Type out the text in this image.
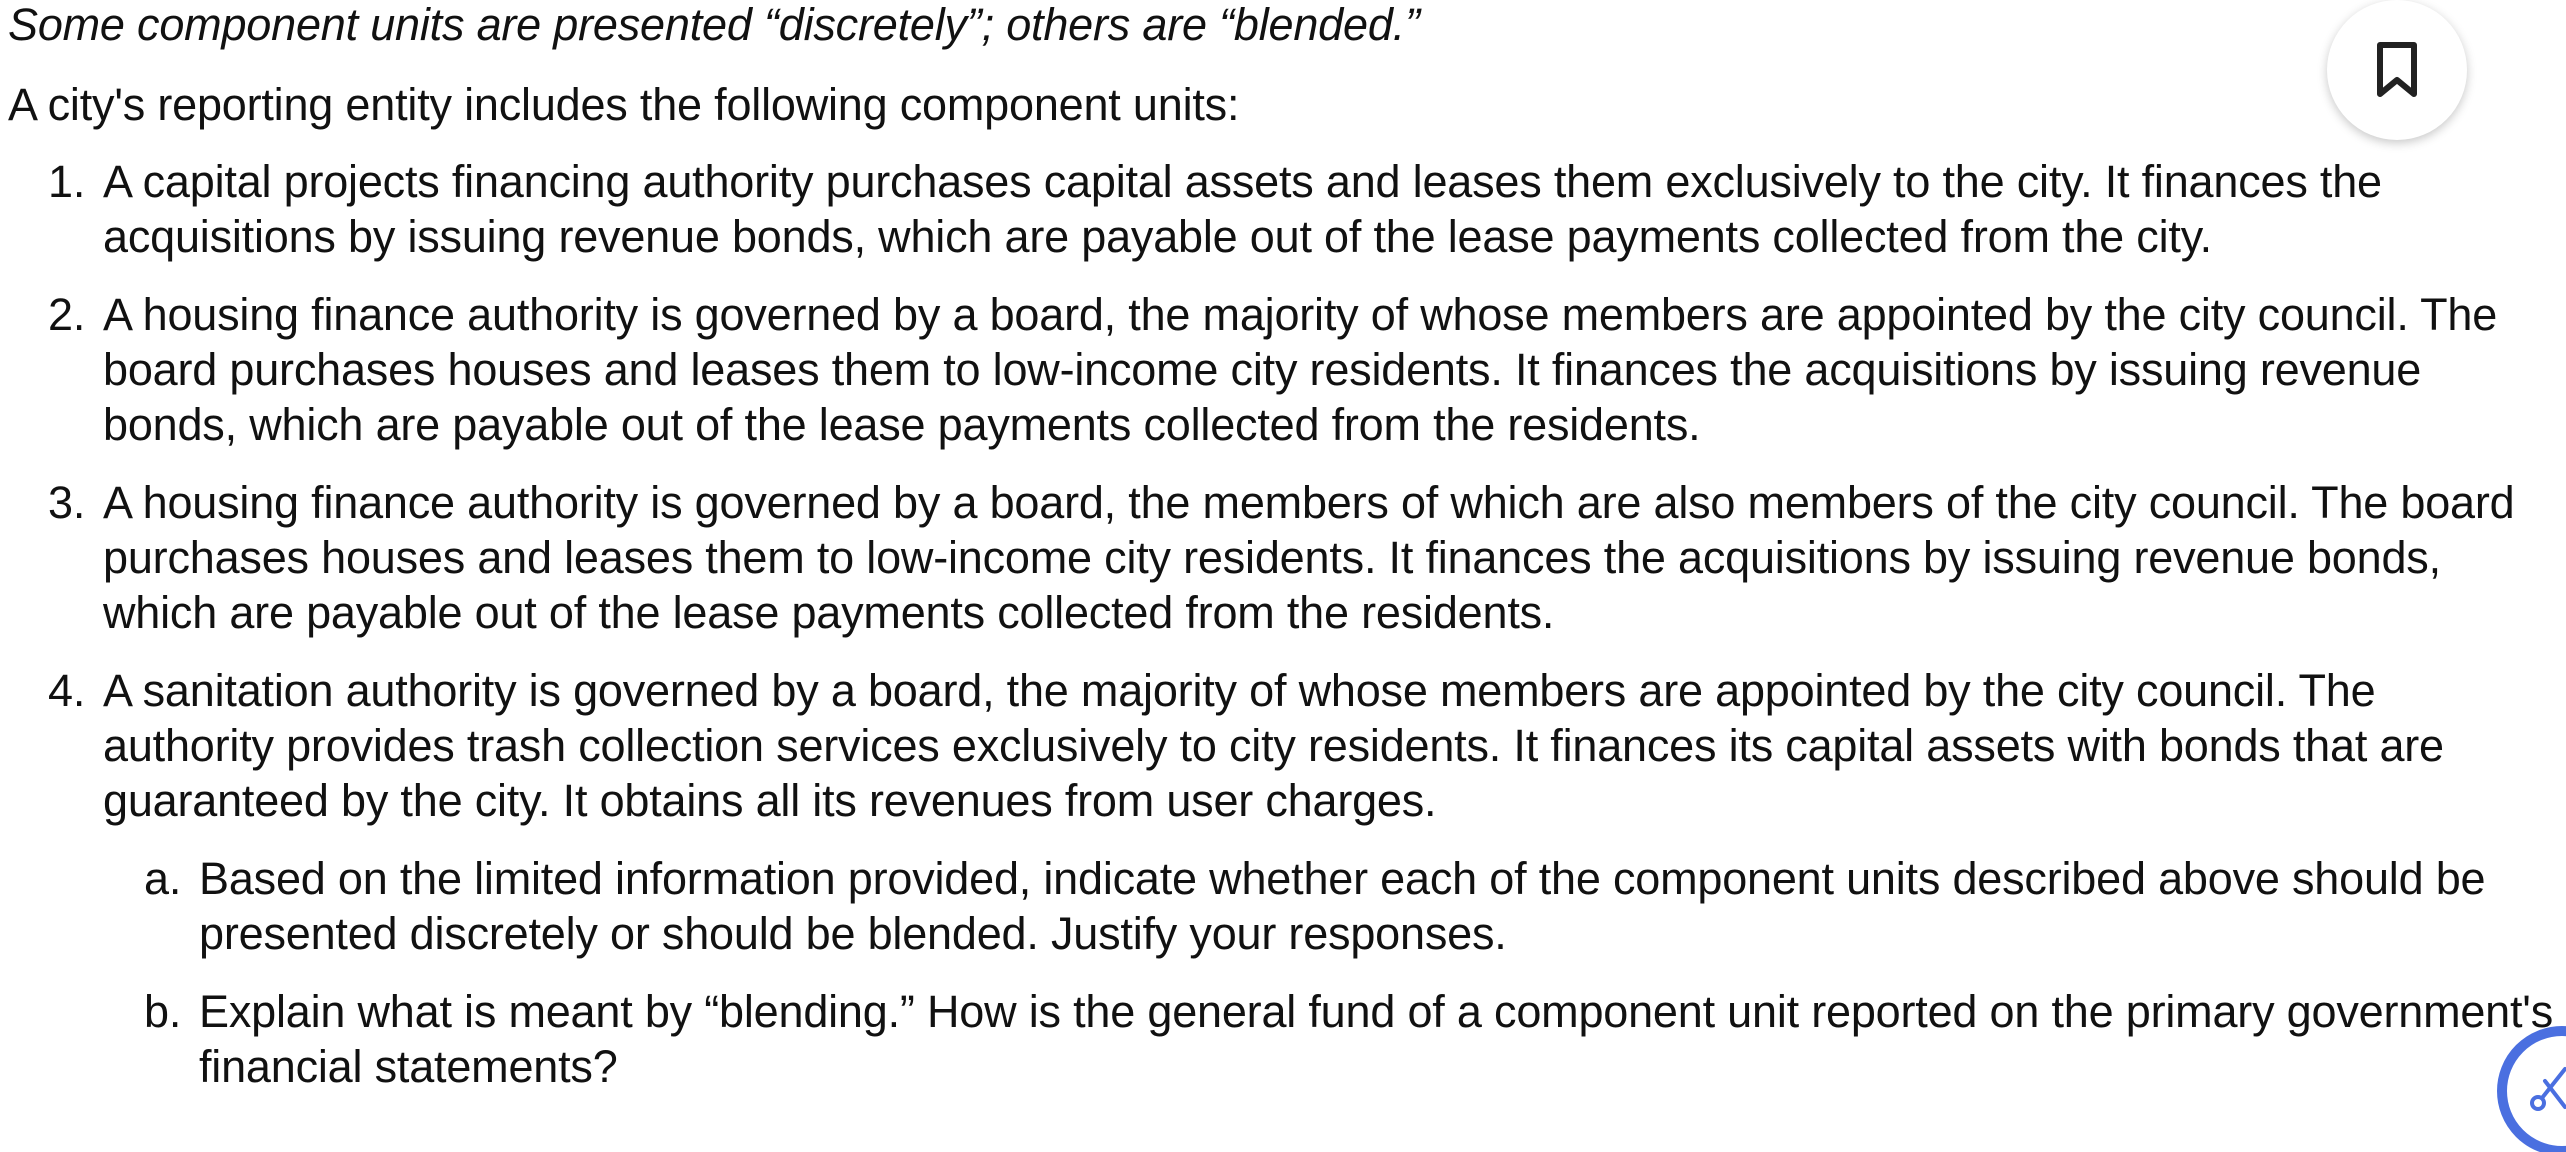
Some component units are presented “discretely”; others are “blended.”

A city's reporting entity includes the following component units:

1. A capital projects financing authority purchases capital assets and leases them exclusively to the city. It finances the acquisitions by issuing revenue bonds, which are payable out of the lease payments collected from the city.
2. A housing finance authority is governed by a board, the majority of whose members are appointed by the city council. The board purchases houses and leases them to low-income city residents. It finances the acquisitions by issuing revenue bonds, which are payable out of the lease payments collected from the residents.
3. A housing finance authority is governed by a board, the members of which are also members of the city council. The board purchases houses and leases them to low-income city residents. It finances the acquisitions by issuing revenue bonds, which are payable out of the lease payments collected from the residents.
4. A sanitation authority is governed by a board, the majority of whose members are appointed by the city council. The authority provides trash collection services exclusively to city residents. It finances its capital assets with bonds that are guaranteed by the city. It obtains all its revenues from user charges.
a. Based on the limited information provided, indicate whether each of the component units described above should be presented discretely or should be blended. Justify your responses.
b. Explain what is meant by “blending.” How is the general fund of a component unit reported on the primary government's financial statements?
